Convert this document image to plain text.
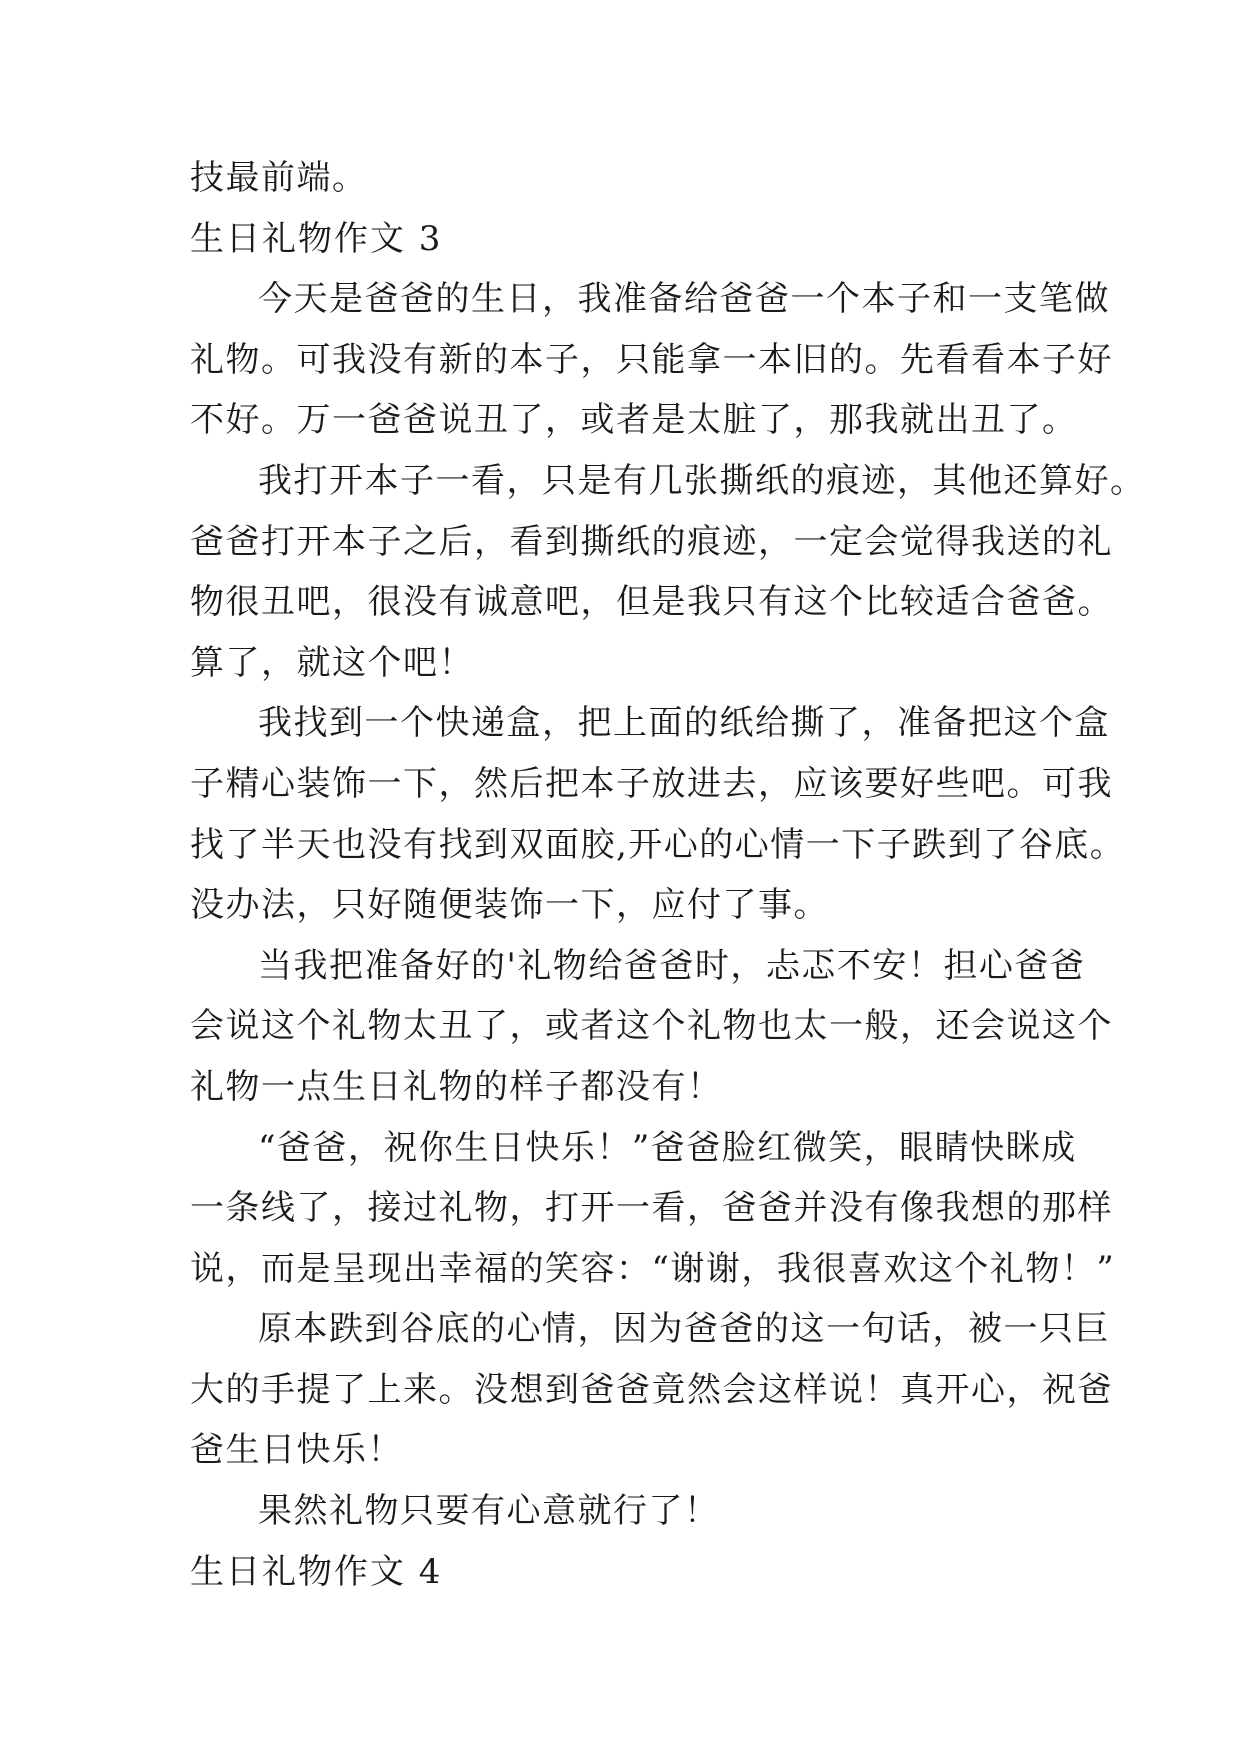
技最前端。
生日礼物作文 3
今天是爸爸的生日，我准备给爸爸一个本子和一支笔做
礼物。可我没有新的本子，只能拿一本旧的。先看看本子好
不好。万一爸爸说丑了，或者是太脏了，那我就出丑了。
我打开本子一看，只是有几张撕纸的痕迹，其他还算好。
爸爸打开本子之后，看到撕纸的痕迹，一定会觉得我送的礼
物很丑吧，很没有诚意吧，但是我只有这个比较适合爸爸。
算了，就这个吧！
我找到一个快递盒，把上面的纸给撕了，准备把这个盒
子精心装饰一下，然后把本子放进去，应该要好些吧。可我
找了半天也没有找到双面胶,开心的心情一下子跌到了谷底。
没办法，只好随便装饰一下，应付了事。
当我把准备好的'礼物给爸爸时，忐忑不安！担心爸爸
会说这个礼物太丑了，或者这个礼物也太一般，还会说这个
礼物一点生日礼物的样子都没有！
“爸爸，祝你生日快乐！”爸爸脸红微笑，眼睛快眯成
一条线了，接过礼物，打开一看，爸爸并没有像我想的那样
说，而是呈现出幸福的笑容：“谢谢，我很喜欢这个礼物！”
原本跌到谷底的心情，因为爸爸的这一句话，被一只巨
大的手提了上来。没想到爸爸竟然会这样说！真开心，祝爸
爸生日快乐！
果然礼物只要有心意就行了！
生日礼物作文 4
